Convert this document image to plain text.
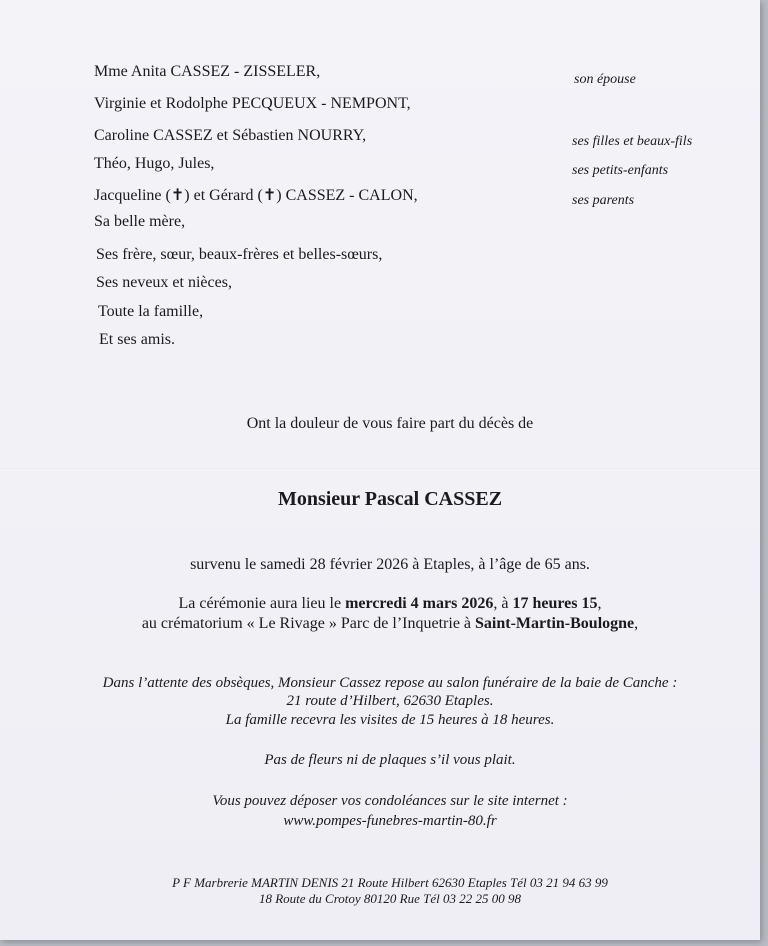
Mme Anita CASSEZ - ZISSELER,
Virginie et Rodolphe PECQUEUX - NEMPONT,
Caroline CASSEZ et Sébastien NOURRY,
Théo, Hugo, Jules,
Jacqueline (✝) et Gérard (✝) CASSEZ - CALON,
Sa belle mère,
Ses frère, sœur, beaux-frères et belles-sœurs,
Ses neveux et nièces,
Toute la famille,
Et ses amis.
son épouse
ses filles et beaux-fils
ses petits-enfants
ses parents
Ont la douleur de vous faire part du décès de
Monsieur Pascal CASSEZ
survenu le samedi 28 février 2026 à Etaples, à l’âge de 65 ans.
La cérémonie aura lieu le mercredi 4 mars 2026, à 17 heures 15,
au crématorium « Le Rivage » Parc de l’Inquetrie à Saint-Martin-Boulogne,
Dans l’attente des obsèques, Monsieur Cassez repose au salon funéraire de la baie de Canche :
21 route d’Hilbert, 62630 Etaples.
La famille recevra les visites de 15 heures à 18 heures.
Pas de fleurs ni de plaques s’il vous plait.
Vous pouvez déposer vos condoléances sur le site internet :
www.pompes-funebres-martin-80.fr
P F Marbrerie MARTIN DENIS 21 Route Hilbert 62630 Etaples Tél 03 21 94 63 99
18 Route du Crotoy 80120 Rue Tél 03 22 25 00 98
